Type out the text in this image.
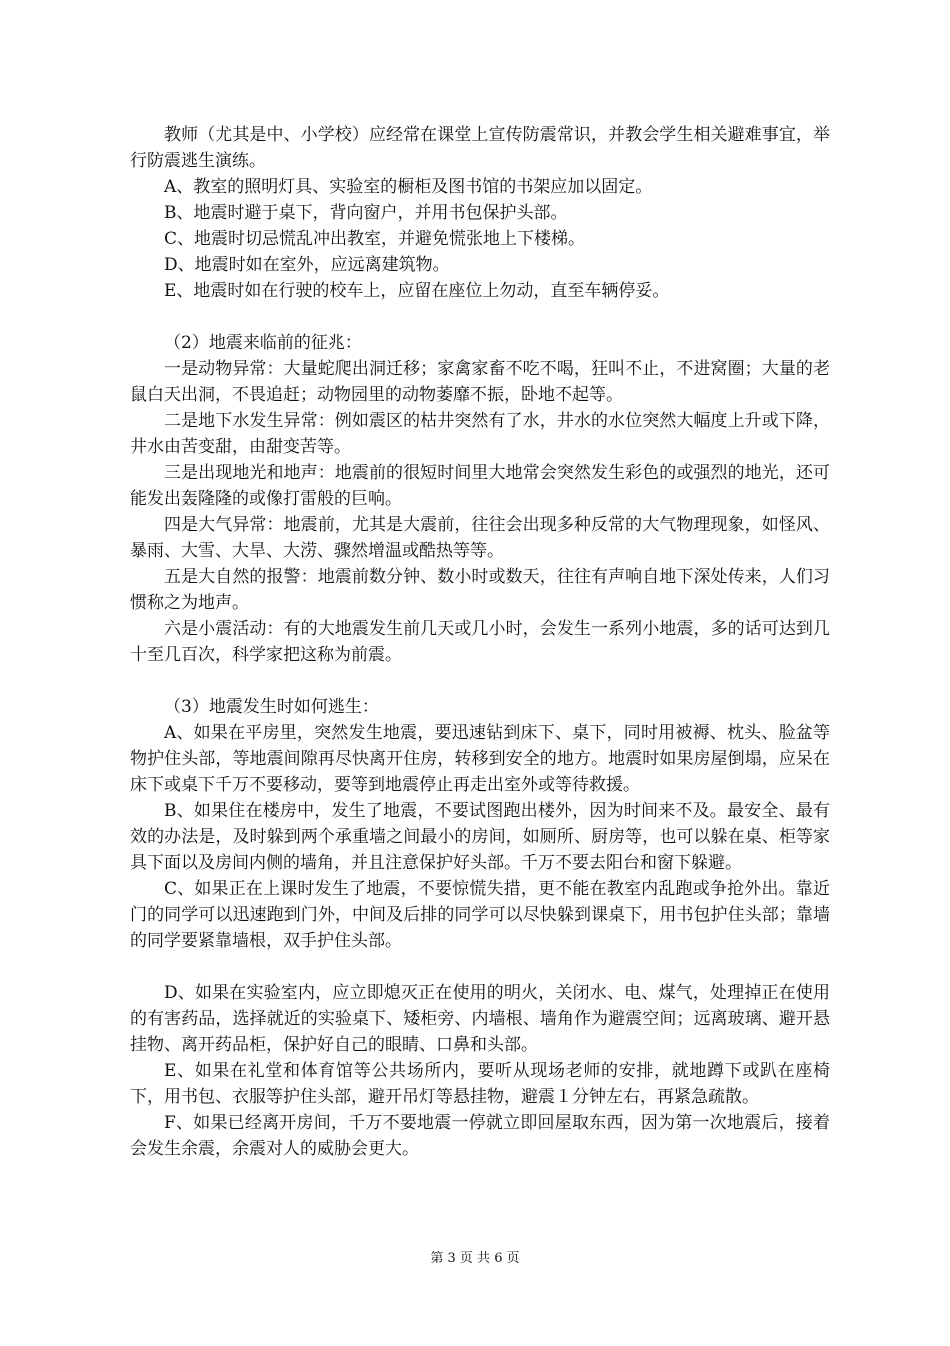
教师（尤其是中、小学校）应经常在课堂上宣传防震常识，并教会学生相关避难事宜，举行防震逃生演练。

A、教室的照明灯具、实验室的橱柜及图书馆的书架应加以固定。

B、地震时避于桌下，背向窗户，并用书包保护头部。

C、地震时切忌慌乱冲出教室，并避免慌张地上下楼梯。

D、地震时如在室外，应远离建筑物。

E、地震时如在行驶的校车上，应留在座位上勿动，直至车辆停妥。

（2）地震来临前的征兆：

一是动物异常：大量蛇爬出洞迁移；家禽家畜不吃不喝，狂叫不止，不进窝圈；大量的老鼠白天出洞，不畏追赶；动物园里的动物萎靡不振，卧地不起等。

二是地下水发生异常：例如震区的枯井突然有了水，井水的水位突然大幅度上升或下降，井水由苦变甜，由甜变苦等。

三是出现地光和地声：地震前的很短时间里大地常会突然发生彩色的或强烈的地光，还可能发出轰隆隆的或像打雷般的巨响。

四是大气异常：地震前，尤其是大震前，往往会出现多种反常的大气物理现象，如怪风、暴雨、大雪、大旱、大涝、骤然增温或酷热等等。

五是大自然的报警：地震前数分钟、数小时或数天，往往有声响自地下深处传来，人们习惯称之为地声。

六是小震活动：有的大地震发生前几天或几小时，会发生一系列小地震，多的话可达到几十至几百次，科学家把这称为前震。

（3）地震发生时如何逃生：

A、如果在平房里，突然发生地震，要迅速钻到床下、桌下，同时用被褥、枕头、脸盆等物护住头部，等地震间隙再尽快离开住房，转移到安全的地方。地震时如果房屋倒塌，应呆在床下或桌下千万不要移动，要等到地震停止再走出室外或等待救援。

B、如果住在楼房中，发生了地震，不要试图跑出楼外，因为时间来不及。最安全、最有效的办法是，及时躲到两个承重墙之间最小的房间，如厕所、厨房等，也可以躲在桌、柜等家具下面以及房间内侧的墙角，并且注意保护好头部。千万不要去阳台和窗下躲避。

C、如果正在上课时发生了地震，不要惊慌失措，更不能在教室内乱跑或争抢外出。靠近门的同学可以迅速跑到门外，中间及后排的同学可以尽快躲到课桌下，用书包护住头部；靠墙的同学要紧靠墙根，双手护住头部。

D、如果在实验室内，应立即熄灭正在使用的明火，关闭水、电、煤气，处理掉正在使用的有害药品，选择就近的实验桌下、矮柜旁、内墙根、墙角作为避震空间；远离玻璃、避开悬挂物、离开药品柜，保护好自己的眼睛、口鼻和头部。

E、如果在礼堂和体育馆等公共场所内，要听从现场老师的安排，就地蹲下或趴在座椅下，用书包、衣服等护住头部，避开吊灯等悬挂物，避震１分钟左右，再紧急疏散。

F、如果已经离开房间，千万不要地震一停就立即回屋取东西，因为第一次地震后，接着会发生余震，余震对人的威胁会更大。

第 3 页 共 6 页
